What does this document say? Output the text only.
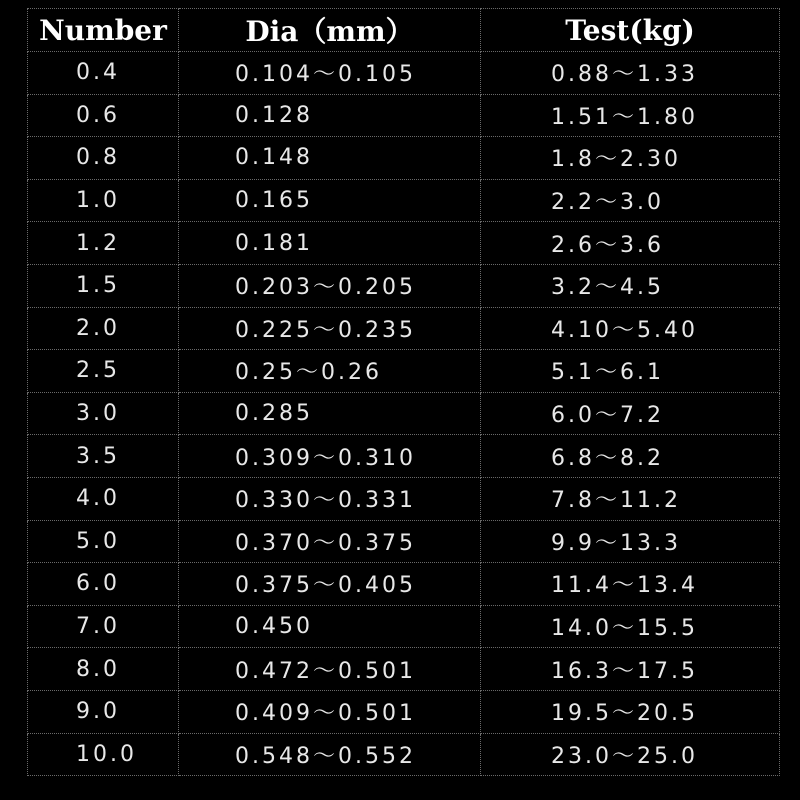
Number	Dia（mm）	Test(kg)
0.4	0.104～0.105	0.88～1.33
0.6	0.128	1.51～1.80
0.8	0.148	1.8～2.30
1.0	0.165	2.2～3.0
1.2	0.181	2.6～3.6
1.5	0.203～0.205	3.2～4.5
2.0	0.225～0.235	4.10～5.40
2.5	0.25～0.26	5.1～6.1
3.0	0.285	6.0～7.2
3.5	0.309～0.310	6.8～8.2
4.0	0.330～0.331	7.8～11.2
5.0	0.370～0.375	9.9～13.3
6.0	0.375～0.405	11.4～13.4
7.0	0.450	14.0～15.5
8.0	0.472～0.501	16.3～17.5
9.0	0.409～0.501	19.5～20.5
10.0	0.548～0.552	23.0～25.0
